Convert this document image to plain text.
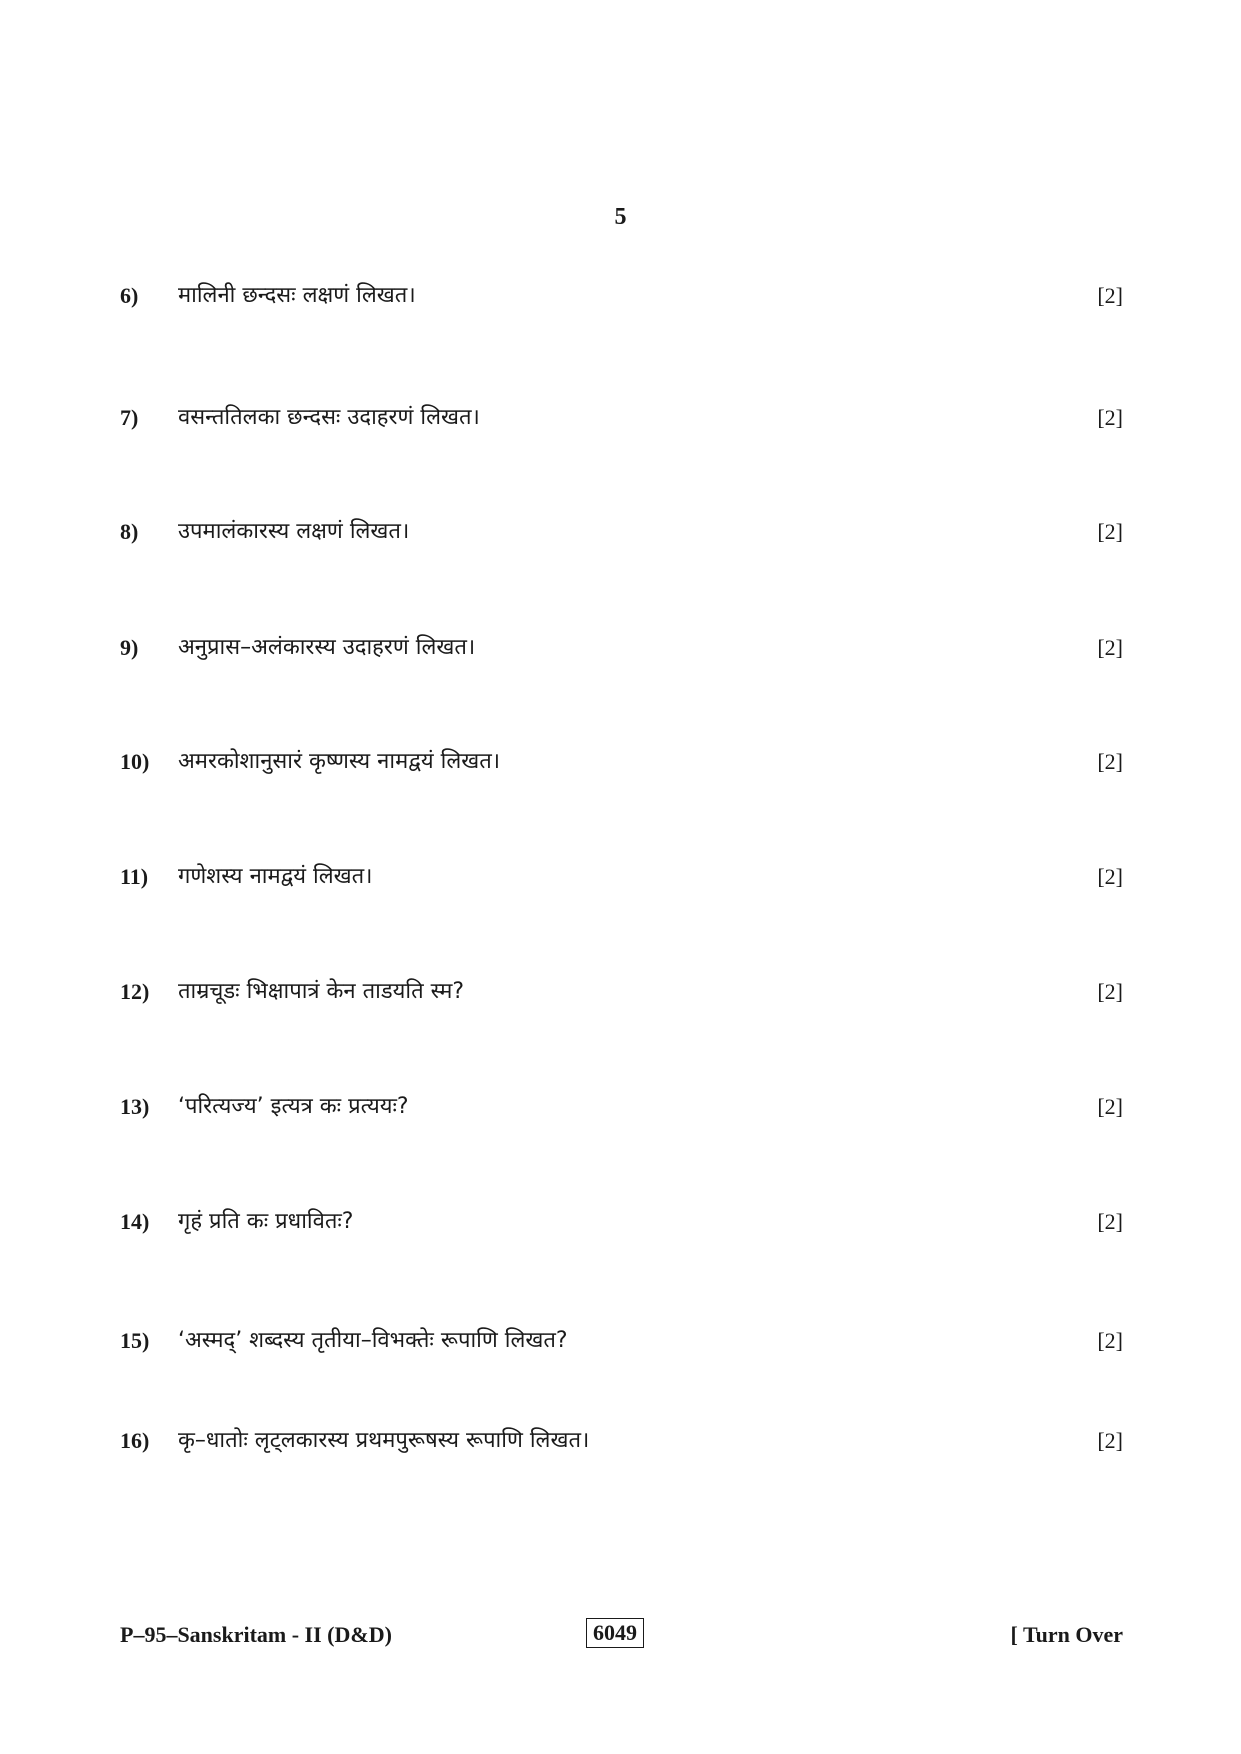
5
6) मालिनी छन्दसः लक्षणं लिखत।	[2]
7) वसन्ततिलका छन्दसः उदाहरणं लिखत।	[2]
8) उपमालंकारस्य लक्षणं लिखत।	[2]
9) अनुप्रास–अलंकारस्य उदाहरणं लिखत।	[2]
10) अमरकोशानुसारं कृष्णस्य नामद्वयं लिखत।	[2]
11) गणेशस्य नामद्वयं लिखत।	[2]
12) ताम्रचूडः भिक्षापात्रं केन ताडयति स्म?	[2]
13) ‘परित्यज्य’ इत्यत्र कः प्रत्ययः?	[2]
14) गृहं प्रति कः प्रधावितः?	[2]
15) ‘अस्मद्’ शब्दस्य तृतीया–विभक्तेः रूपाणि लिखत?	[2]
16) कृ–धातोः लृट्लकारस्य प्रथमपुरूषस्य रूपाणि लिखत।	[2]
P–95–Sanskritam - II (D&D)	6049	[ Turn Over
